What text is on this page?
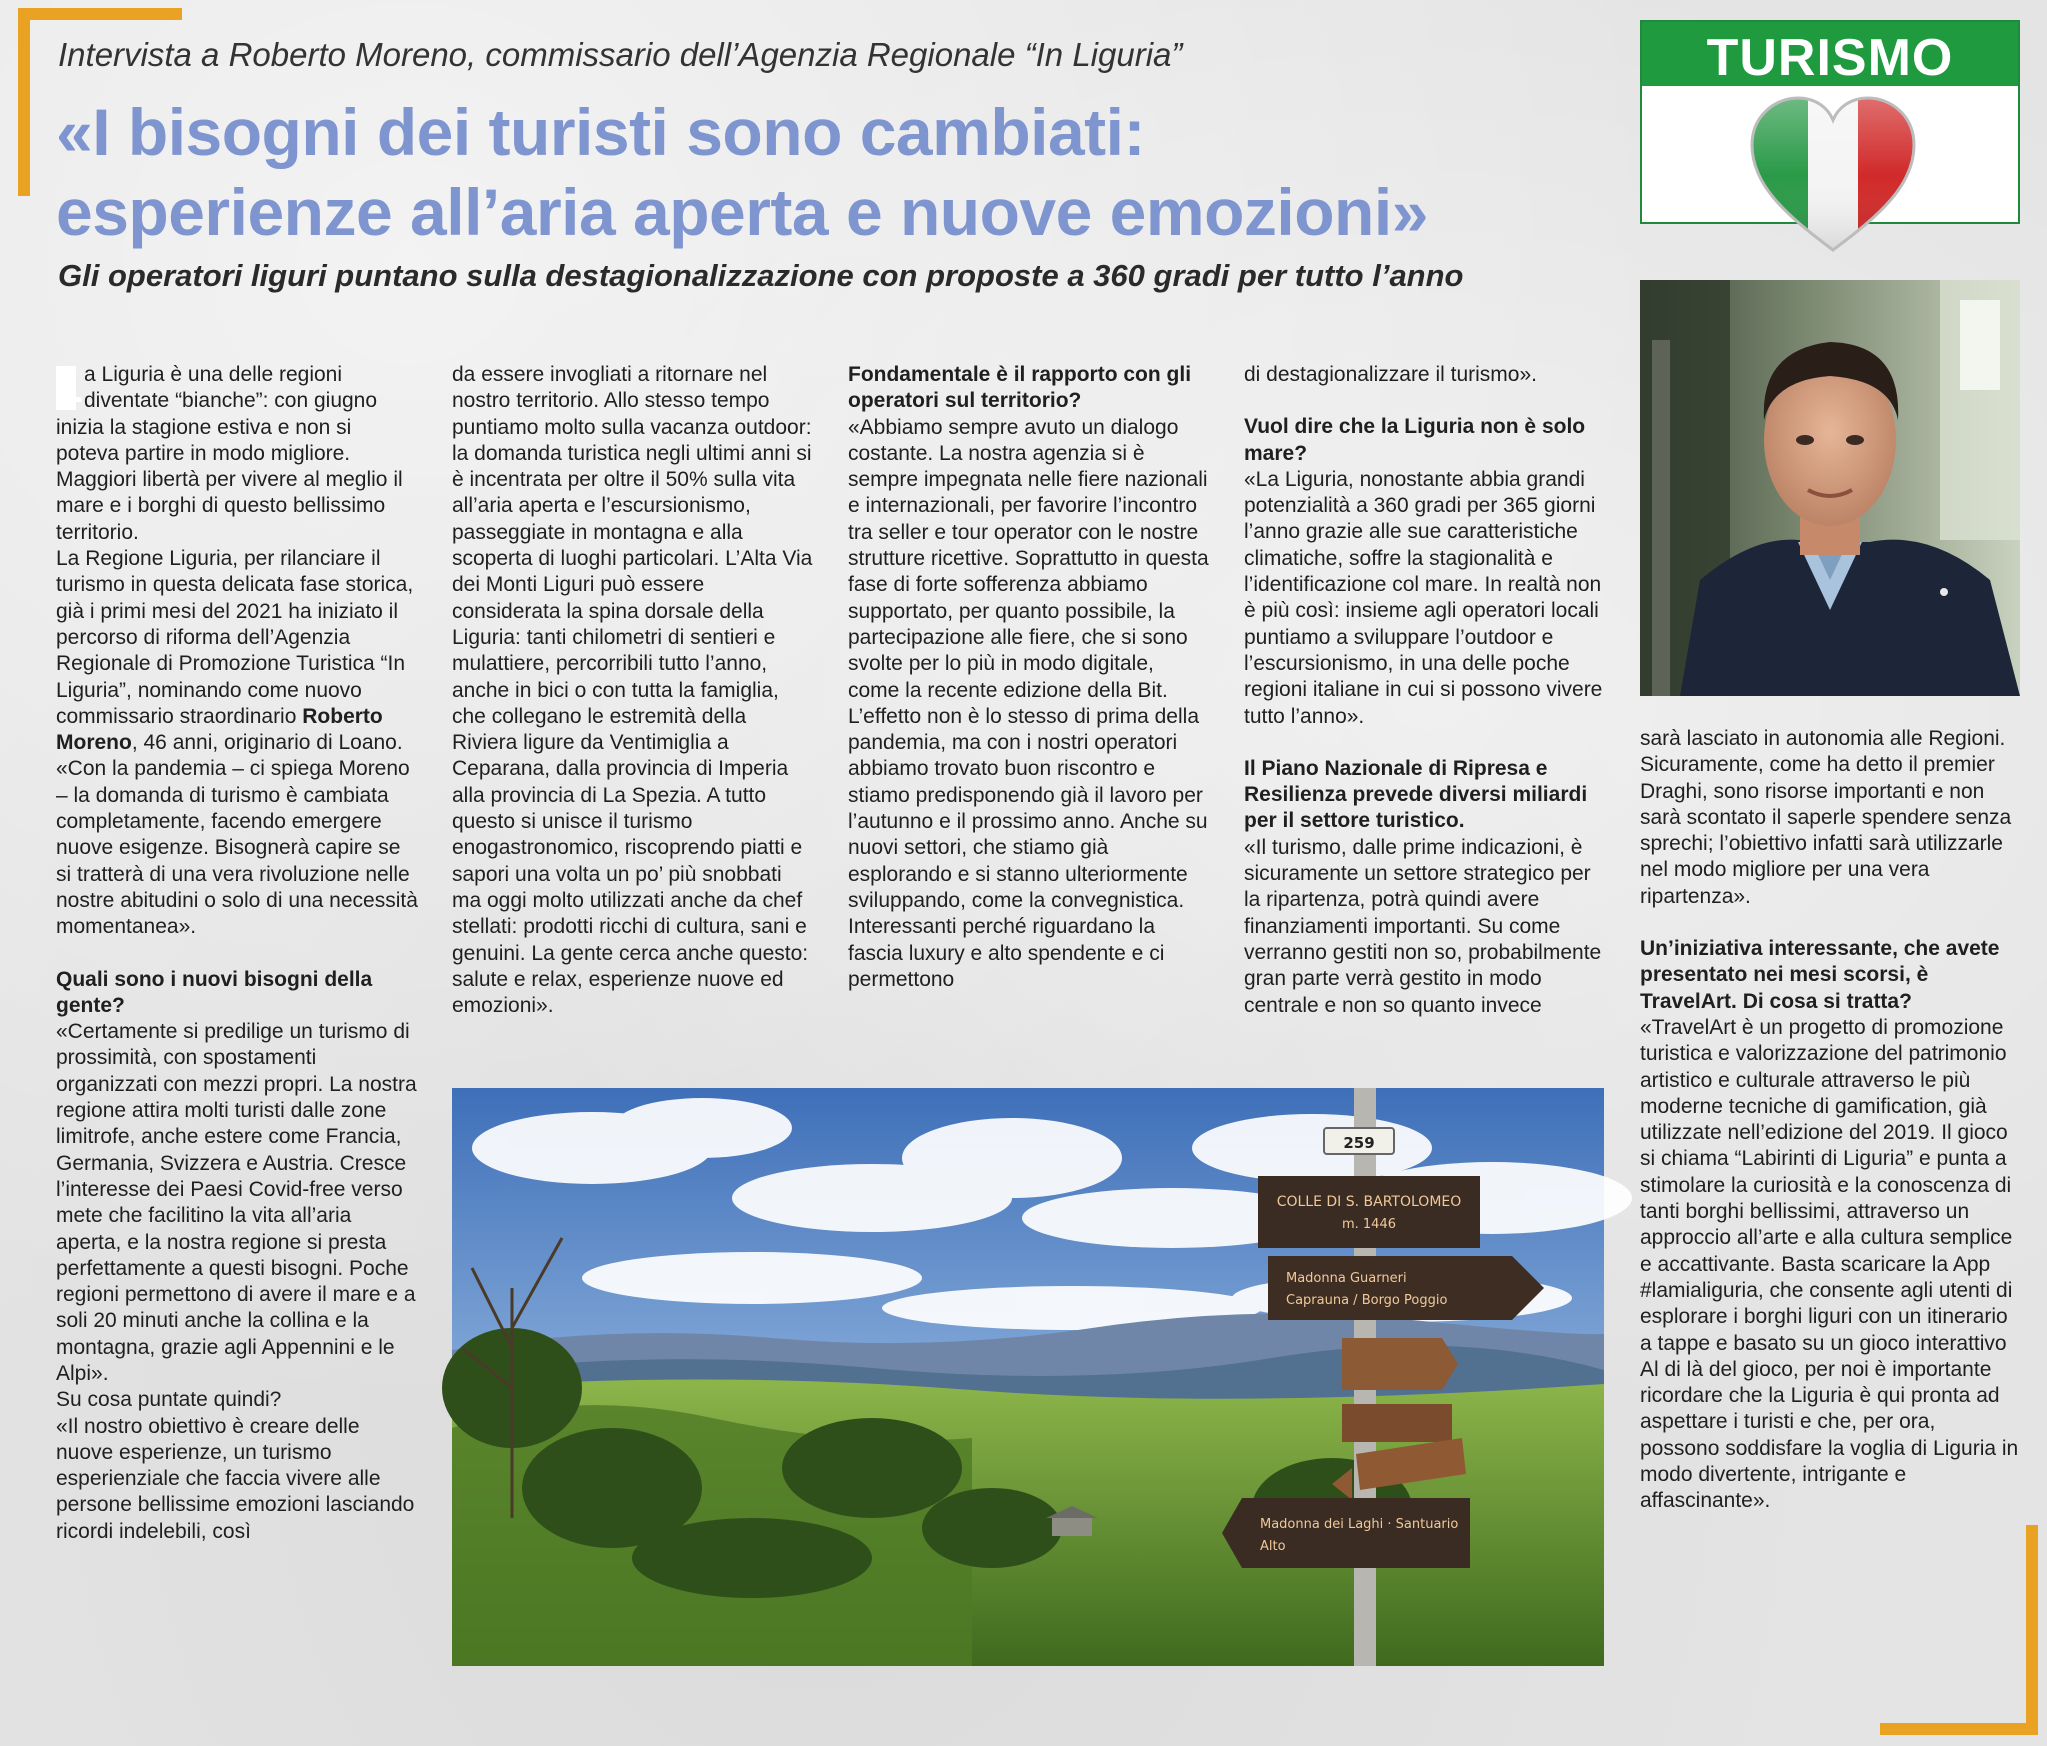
Intervista a Roberto Moreno, commissario dell’Agenzia Regionale “In Liguria”
«I bisogni dei turisti sono cambiati:
esperienze all’aria aperta e nuove emozioni»
Gli operatori liguri puntano sulla destagionalizzazione con proposte a 360 gradi per tutto l’anno
TURISMO

L a Liguria è una delle regioni diventate “bianche”: con giugno inizia la stagione estiva e non si poteva partire in modo migliore. Maggiori libertà per vivere al meglio il mare e i borghi di questo bellissimo territorio.

La Regione Liguria, per rilanciare il turismo in questa delicata fase storica, già i primi mesi del 2021 ha iniziato il percorso di riforma dell’Agenzia Regionale di Promozione Turistica “In Liguria”, nominando come nuovo commissario straordinario Roberto Moreno, 46 anni, originario di Loano.

«Con la pandemia – ci spiega Moreno – la domanda di turismo è cambiata completamente, facendo emergere nuove esigenze. Bisognerà capire se si tratterà di una vera rivoluzione nelle nostre abitudini o solo di una necessità momentanea».

Quali sono i nuovi bisogni della gente?

«Certamente si predilige un turismo di prossimità, con spostamenti organizzati con mezzi propri. La nostra regione attira molti turisti dalle zone limitrofe, anche estere come Francia, Germania, Svizzera e Austria. Cresce l’interesse dei Paesi Covid-free verso mete che facilitino la vita all’aria aperta, e la nostra regione si presta perfettamente a questi bisogni. Poche regioni permettono di avere il mare e a soli 20 minuti anche la collina e la montagna, grazie agli Appennini e le Alpi».

Su cosa puntate quindi?

«Il nostro obiettivo è creare delle nuove esperienze, un turismo esperienziale che faccia vivere alle persone bellissime emozioni lasciando ricordi indelebili, così

da essere invogliati a ritornare nel nostro territorio. Allo stesso tempo puntiamo molto sulla vacanza outdoor: la domanda turistica negli ultimi anni si è incentrata per oltre il 50% sulla vita all’aria aperta e l’escursionismo, passeggiate in montagna e alla scoperta di luoghi particolari. L’Alta Via dei Monti Liguri può essere considerata la spina dorsale della Liguria: tanti chilometri di sentieri e mulattiere, percorribili tutto l’anno, anche in bici o con tutta la famiglia, che collegano le estremità della Riviera ligure da Ventimiglia a Ceparana, dalla provincia di Imperia alla provincia di La Spezia. A tutto questo si unisce il turismo enogastronomico, riscoprendo piatti e sapori una volta un po’ più snobbati ma oggi molto utilizzati anche da chef stellati: prodotti ricchi di cultura, sani e genuini. La gente cerca anche questo: salute e relax, esperienze nuove ed emozioni».

Fondamentale è il rapporto con gli operatori sul territorio?

«Abbiamo sempre avuto un dialogo costante. La nostra agenzia si è sempre impegnata nelle fiere nazionali e internazionali, per favorire l’incontro tra seller e tour operator con le nostre strutture ricettive. Soprattutto in questa fase di forte sofferenza abbiamo supportato, per quanto possibile, la partecipazione alle fiere, che si sono svolte per lo più in modo digitale, come la recente edizione della Bit. L’effetto non è lo stesso di prima della pandemia, ma con i nostri operatori abbiamo trovato buon riscontro e stiamo predisponendo già il lavoro per l’autunno e il prossimo anno. Anche su nuovi settori, che stiamo già esplorando e si stanno ulteriormente sviluppando, come la convegnistica. Interessanti perché riguardano la fascia luxury e alto spendente e ci permettono

di destagionalizzare il turismo».

Vuol dire che la Liguria non è solo mare?

«La Liguria, nonostante abbia grandi potenzialità a 360 gradi per 365 giorni l’anno grazie alle sue caratteristiche climatiche, soffre la stagionalità e l’identificazione col mare. In realtà non è più così: insieme agli operatori locali puntiamo a sviluppare l’outdoor e l’escursionismo, in una delle poche regioni italiane in cui si possono vivere tutto l’anno».

Il Piano Nazionale di Ripresa e Resilienza prevede diversi miliardi per il settore turistico.

«Il turismo, dalle prime indicazioni, è sicuramente un settore strategico per la ripartenza, potrà quindi avere finanziamenti importanti. Su come verranno gestiti non so, probabilmente gran parte verrà gestito in modo centrale e non so quanto invece

sarà lasciato in autonomia alle Regioni. Sicuramente, come ha detto il premier Draghi, sono risorse importanti e non sarà scontato il saperle spendere senza sprechi; l’obiettivo infatti sarà utilizzarle nel modo migliore per una vera ripartenza».

Un’iniziativa interessante, che avete presentato nei mesi scorsi, è TravelArt. Di cosa si tratta?

«TravelArt è un progetto di promozione turistica e valorizzazione del patrimonio artistico e culturale attraverso le più moderne tecniche di gamification, già utilizzate nell’edizione del 2019. Il gioco si chiama “Labirinti di Liguria” e punta a stimolare la curiosità e la conoscenza di tanti borghi bellissimi, attraverso un approccio all’arte e alla cultura semplice e accattivante. Basta scaricare la App #lamialiguria, che consente agli utenti di esplorare i borghi liguri con un itinerario a tappe e basato su un gioco interattivo Al di là del gioco, per noi è importante ricordare che la Liguria è qui pronta ad aspettare i turisti e che, per ora, possono soddisfare la voglia di Liguria in modo divertente, intrigante e affascinante».

259
COLLE DI S. BARTOLOMEO
m. 1446
Madonna Guarneri
Caprauna / Borgo Poggio
Madonna dei Laghi · Santuario
Alto
